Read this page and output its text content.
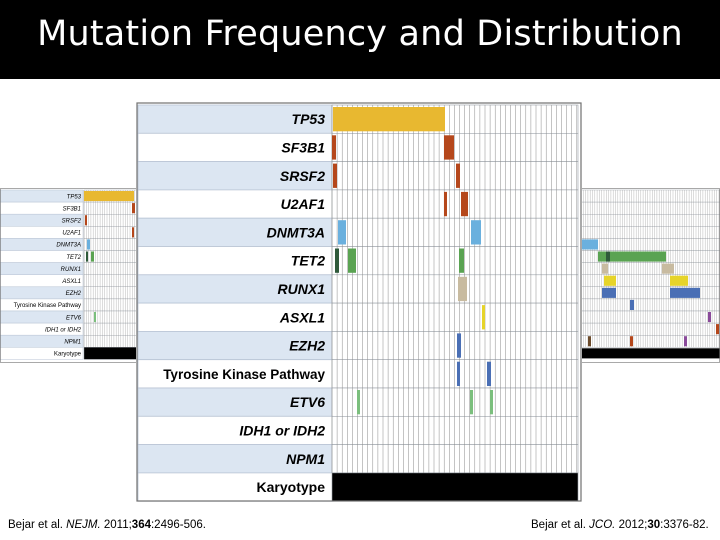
Mutation Frequency and Distribution
TP53
SF3B1
SRSF2
U2AF1
DNMT3A
TET2
RUNX1
ASXL1
EZH2
Tyrosine Kinase Pathway
ETV6
IDH1 or IDH2
NPM1
Karyotype
TP53
SF3B1
SRSF2
U2AF1
DNMT3A
TET2
RUNX1
ASXL1
EZH2
Tyrosine Kinase Pathway
ETV6
IDH1 or IDH2
NPM1
Karyotype
Bejar et al. NEJM. 2011;364:2496-506.	Bejar et al. JCO. 2012;30:3376-82.
